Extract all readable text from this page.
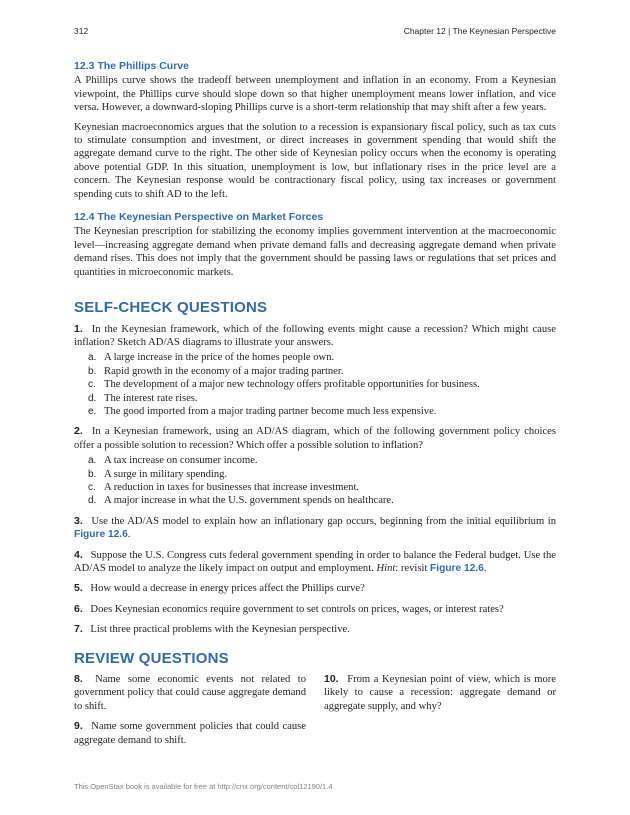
312	Chapter 12 | The Keynesian Perspective
12.3 The Phillips Curve

A Phillips curve shows the tradeoff between unemployment and inflation in an economy. From a Keynesian viewpoint, the Phillips curve should slope down so that higher unemployment means lower inflation, and vice versa. However, a downward-sloping Phillips curve is a short-term relationship that may shift after a few years.

Keynesian macroeconomics argues that the solution to a recession is expansionary fiscal policy, such as tax cuts to stimulate consumption and investment, or direct increases in government spending that would shift the aggregate demand curve to the right. The other side of Keynesian policy occurs when the economy is operating above potential GDP. In this situation, unemployment is low, but inflationary rises in the price level are a concern. The Keynesian response would be contractionary fiscal policy, using tax increases or government spending cuts to shift AD to the left.

12.4 The Keynesian Perspective on Market Forces

The Keynesian prescription for stabilizing the economy implies government intervention at the macroeconomic level—increasing aggregate demand when private demand falls and decreasing aggregate demand when private demand rises. This does not imply that the government should be passing laws or regulations that set prices and quantities in microeconomic markets.

SELF-CHECK QUESTIONS
1. In the Keynesian framework, which of the following events might cause a recession? Which might cause inflation? Sketch AD/AS diagrams to illustrate your answers.
a. A large increase in the price of the homes people own.
b. Rapid growth in the economy of a major trading partner.
c. The development of a major new technology offers profitable opportunities for business.
d. The interest rate rises.
e. The good imported from a major trading partner become much less expensive.
2. In a Keynesian framework, using an AD/AS diagram, which of the following government policy choices offer a possible solution to recession? Which offer a possible solution to inflation?
a. A tax increase on consumer income.
b. A surge in military spending.
c. A reduction in taxes for businesses that increase investment.
d. A major increase in what the U.S. government spends on healthcare.
3. Use the AD/AS model to explain how an inflationary gap occurs, beginning from the initial equilibrium in Figure 12.6.
4. Suppose the U.S. Congress cuts federal government spending in order to balance the Federal budget. Use the AD/AS model to analyze the likely impact on output and employment. Hint: revisit Figure 12.6.
5. How would a decrease in energy prices affect the Phillips curve?
6. Does Keynesian economics require government to set controls on prices, wages, or interest rates?
7. List three practical problems with the Keynesian perspective.
REVIEW QUESTIONS
8. Name some economic events not related to government policy that could cause aggregate demand to shift.
9. Name some government policies that could cause aggregate demand to shift.
10. From a Keynesian point of view, which is more likely to cause a recession: aggregate demand or aggregate supply, and why?
This OpenStax book is available for free at http://cnx.org/content/col12190/1.4
